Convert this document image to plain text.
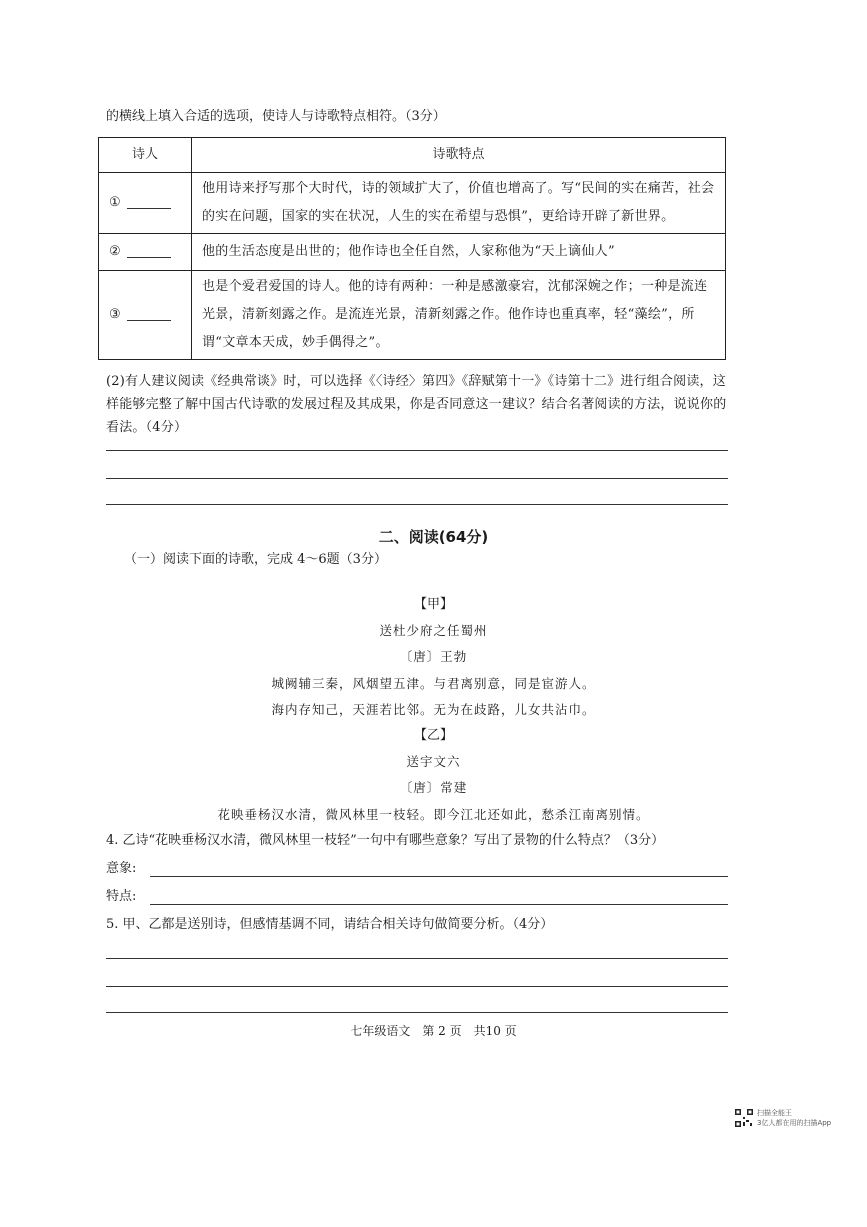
的横线上填入合适的选项，使诗人与诗歌特点相符。（3分）
诗人	诗歌特点
①	他用诗来抒写那个大时代，诗的领域扩大了，价值也增高了。写“民间的实在痛苦，社会的实在问题，国家的实在状况，人生的实在希望与恐惧”，更给诗开辟了新世界。
②	他的生活态度是出世的；他作诗也全任自然，人家称他为“天上谪仙人”
③	也是个爱君爱国的诗人。他的诗有两种：一种是感激豪宕，沈郁深婉之作；一种是流连光景，清新刻露之作。是流连光景，清新刻露之作。他作诗也重真率，轻“藻绘”，所谓“文章本天成，妙手偶得之”。
(2)有人建议阅读《经典常谈》时，可以选择《〈诗经〉第四》《辞赋第十一》《诗第十二》进行组合阅读，这样能够完整了解中国古代诗歌的发展过程及其成果，你是否同意这一建议？结合名著阅读的方法，说说你的看法。（4分）
二、阅读(64分)
（一）阅读下面的诗歌，完成 4～6题（3分）
【甲】
送杜少府之任蜀州
〔唐〕王勃
城阙辅三秦，风烟望五津。与君离别意，同是宦游人。
海内存知己，天涯若比邻。无为在歧路，儿女共沾巾。
【乙】
送宇文六
〔唐〕常建
花映垂杨汉水清，微风林里一枝轻。即今江北还如此，愁杀江南离别情。
4. 乙诗“花映垂杨汉水清，微风林里一枝轻”一句中有哪些意象？写出了景物的什么特点？（3分）
意象:
特点:
5. 甲、乙都是送别诗，但感情基调不同，请结合相关诗句做简要分析。（4分）
七年级语文　第 2 页　共10 页
扫描全能王
3亿人都在用的扫描App
